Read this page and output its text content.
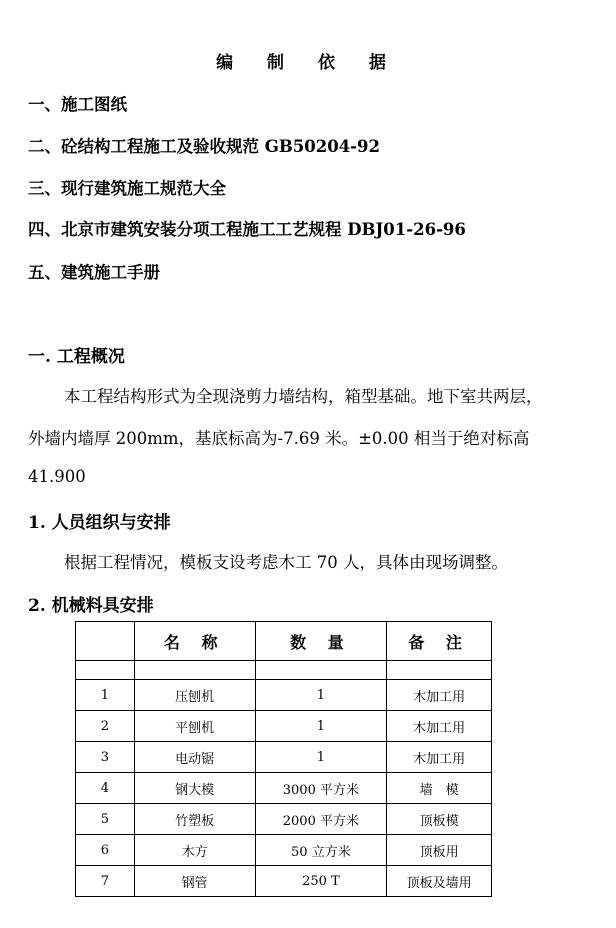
编 制 依 据
一、施工图纸
二、砼结构工程施工及验收规范 GB50204-92
三、现行建筑施工规范大全
四、北京市建筑安装分项工程施工工艺规程 DBJ01-26-96
五、建筑施工手册
一. 工程概况
本工程结构形式为全现浇剪力墙结构，箱型基础。地下室共两层，
外墙内墙厚 200mm，基底标高为-7.69 米。±0.00 相当于绝对标高
41.900
1. 人员组织与安排
根据工程情况，模板支设考虑木工 70 人，具体由现场调整。
2. 机械料具安排
	名 称	数 量	备 注

1	压刨机	1	木加工用
2	平刨机	1	木加工用
3	电动锯	1	木加工用
4	钢大模	3000 平方米	墙　模
5	竹塑板	2000 平方米	顶板模
6	木方	50 立方米	顶板用
7	钢管	250 T	顶板及墙用
